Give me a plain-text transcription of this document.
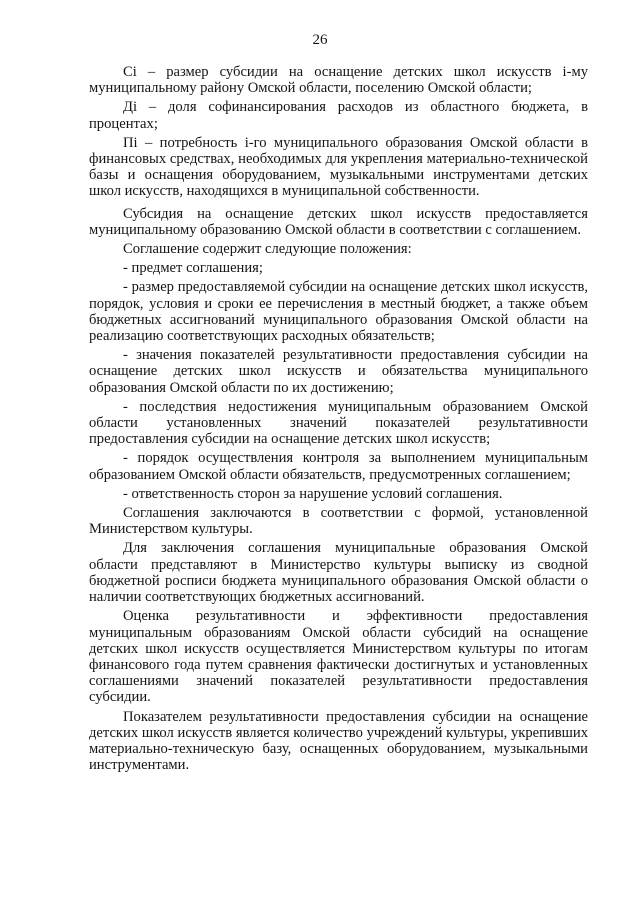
26

Сi – размер субсидии на оснащение детских школ искусств i-му муниципальному району Омской области, поселению Омской области;

Дi – доля софинансирования расходов из областного бюджета, в процентах;

Пi – потребность i-го муниципального образования Омской области в финансовых средствах, необходимых для укрепления материально-технической базы и оснащения оборудованием, музыкальными инструментами детских школ искусств, находящихся в муниципальной собственности.

Субсидия на оснащение детских школ искусств предоставляется муниципальному образованию Омской области в соответствии с соглашением.

Соглашение содержит следующие положения:

- предмет соглашения;

- размер предоставляемой субсидии на оснащение детских школ искусств, порядок, условия и сроки ее перечисления в местный бюджет, а также объем бюджетных ассигнований муниципального образования Омской области на реализацию соответствующих расходных обязательств;

- значения показателей результативности предоставления субсидии на оснащение детских школ искусств и обязательства муниципального образования Омской области по их достижению;

- последствия недостижения муниципальным образованием Омской области установленных значений показателей результативности предоставления субсидии на оснащение детских школ искусств;

- порядок осуществления контроля за выполнением муниципальным образованием Омской области обязательств, предусмотренных соглашением;

- ответственность сторон за нарушение условий соглашения.

Соглашения заключаются в соответствии с формой, установленной Министерством культуры.

Для заключения соглашения муниципальные образования Омской области представляют в Министерство культуры выписку из сводной бюджетной росписи бюджета муниципального образования Омской области о наличии соответствующих бюджетных ассигнований.

Оценка результативности и эффективности предоставления муниципальным образованиям Омской области субсидий на оснащение детских школ искусств осуществляется Министерством культуры по итогам финансового года путем сравнения фактически достигнутых и установленных соглашениями значений показателей результативности предоставления субсидии.

Показателем результативности предоставления субсидии на оснащение детских школ искусств является количество учреждений культуры, укрепивших материально-техническую базу, оснащенных оборудованием, музыкальными инструментами.
